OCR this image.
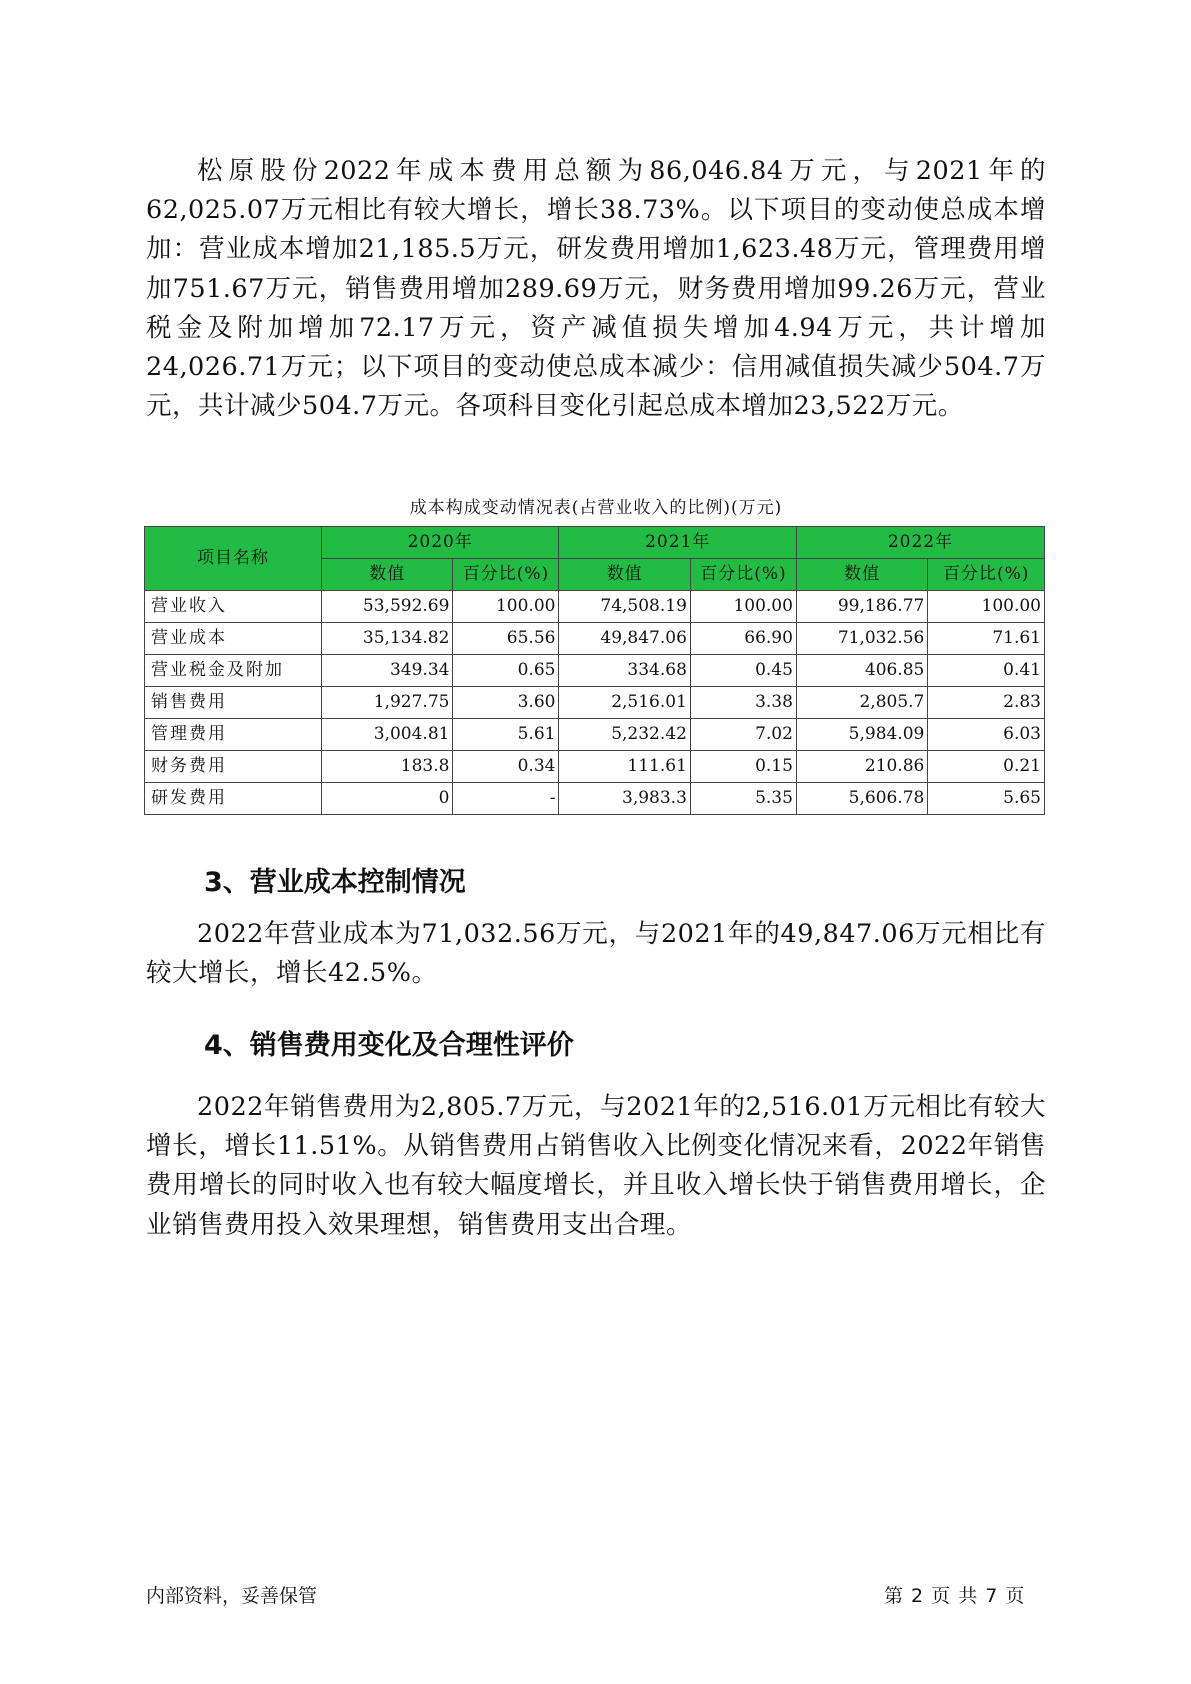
松原股份2022年成本费用总额为86,046.84万元，与2021年的62,025.07万元相比有较大增长，增长38.73%。以下项目的变动使总成本增加：营业成本增加21,185.5万元，研发费用增加1,623.48万元，管理费用增加751.67万元，销售费用增加289.69万元，财务费用增加99.26万元，营业税金及附加增加72.17万元，资产减值损失增加4.94万元，共计增加24,026.71万元；以下项目的变动使总成本减少：信用减值损失减少504.7万元，共计减少504.7万元。各项科目变化引起总成本增加23,522万元。

成本构成变动情况表(占营业收入的比例)(万元)
项目名称	2020年		2021年		2022年	
	数值	百分比(%)	数值	百分比(%)	数值	百分比(%)
营业收入	53,592.69	100.00	74,508.19	100.00	99,186.77	100.00
营业成本	35,134.82	65.56	49,847.06	66.90	71,032.56	71.61
营业税金及附加	349.34	0.65	334.68	0.45	406.85	0.41
销售费用	1,927.75	3.60	2,516.01	3.38	2,805.7	2.83
管理费用	3,004.81	5.61	5,232.42	7.02	5,984.09	6.03
财务费用	183.8	0.34	111.61	0.15	210.86	0.21
研发费用	0	-	3,983.3	5.35	5,606.78	5.65
3、营业成本控制情况

2022年营业成本为71,032.56万元，与2021年的49,847.06万元相比有较大增长，增长42.5%。

4、销售费用变化及合理性评价

2022年销售费用为2,805.7万元，与2021年的2,516.01万元相比有较大增长，增长11.51%。从销售费用占销售收入比例变化情况来看，2022年销售费用增长的同时收入也有较大幅度增长，并且收入增长快于销售费用增长，企业销售费用投入效果理想，销售费用支出合理。

内部资料，妥善保管	第 2 页 共 7 页
